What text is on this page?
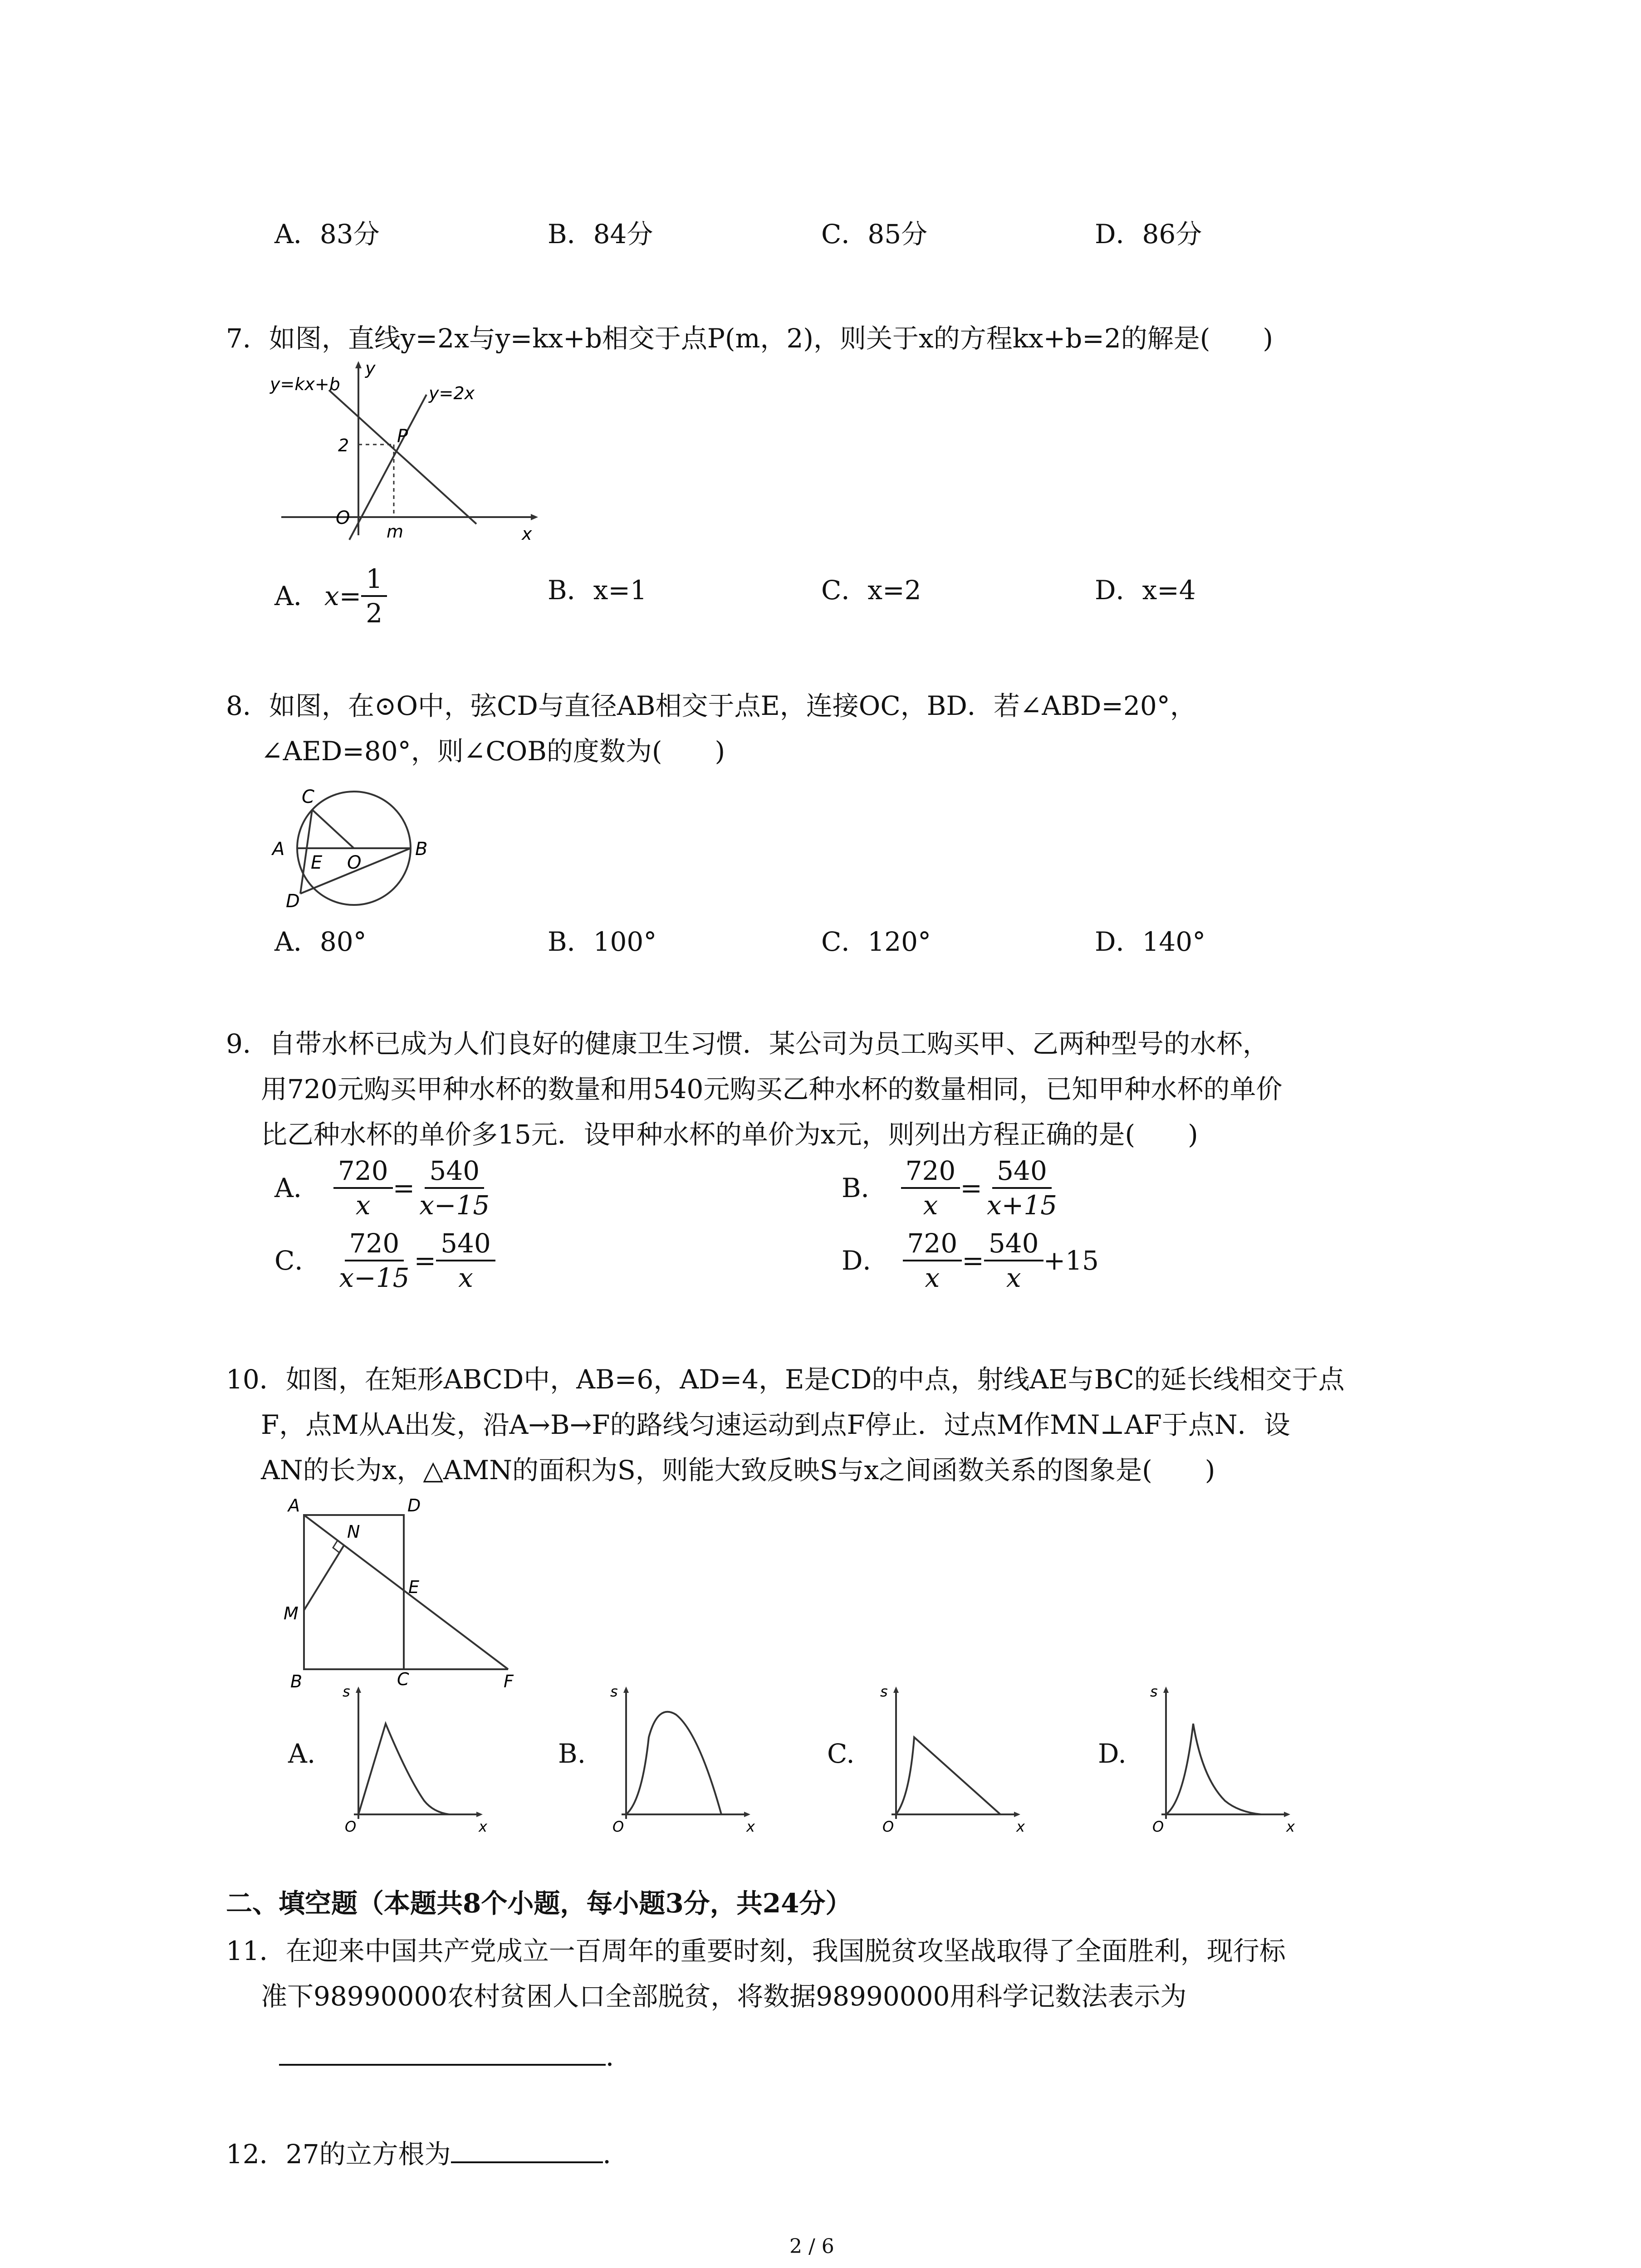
A．83分	B．84分	C．85分	D．86分
7．如图，直线y=2x与y=kx+b相交于点P(m，2)，则关于x的方程kx+b=2的解是(　　)
y=kx+b	y=2x
y
x
O
P
2
m
A． $x= \frac{1}{2}$	B．x=1	C．x=2	D．x=4
8．如图，在⊙O中，弦CD与直径AB相交于点E，连接OC，BD．若∠ABD=20°，
∠AED=80°，则∠COB的度数为(　　)
C
A
E O
B
D
A．80°	B．100°	C．120°	D．140°
9．自带水杯已成为人们良好的健康卫生习惯．某公司为员工购买甲、乙两种型号的水杯，
用720元购买甲种水杯的数量和用540元购买乙种水杯的数量相同，已知甲种水杯的单价
比乙种水杯的单价多15元．设甲种水杯的单价为x元，则列出方程正确的是(　　)
A． $\frac{720}{x} = \frac{540}{x-15}$	B． $\frac{720}{x} = \frac{540}{x+15}$
C． $\frac{720}{x-15} = \frac{540}{x}$	D． $\frac{720}{x} = \frac{540}{x} +15$
10．如图，在矩形ABCD中，AB=6，AD=4，E是CD的中点，射线AE与BC的延长线相交于点
F，点M从A出发，沿A→B→F的路线匀速运动到点F停止．过点M作MN⊥AF于点N．设
AN的长为x，△AMN的面积为S，则能大致反映S与x之间函数关系的图象是(　　)
A	D
N
E
M
B	C	F
A.	B.	C.	D.
s
O	x
s
O	x
s
O	x
s
O	x
二、填空题（本题共8个小题，每小题3分，共24分）
11．在迎来中国共产党成立一百周年的重要时刻，我国脱贫攻坚战取得了全面胜利，现行标
准下98990000农村贫困人口全部脱贫，将数据98990000用科学记数法表示为
．
12．27的立方根为	．
2 / 6
